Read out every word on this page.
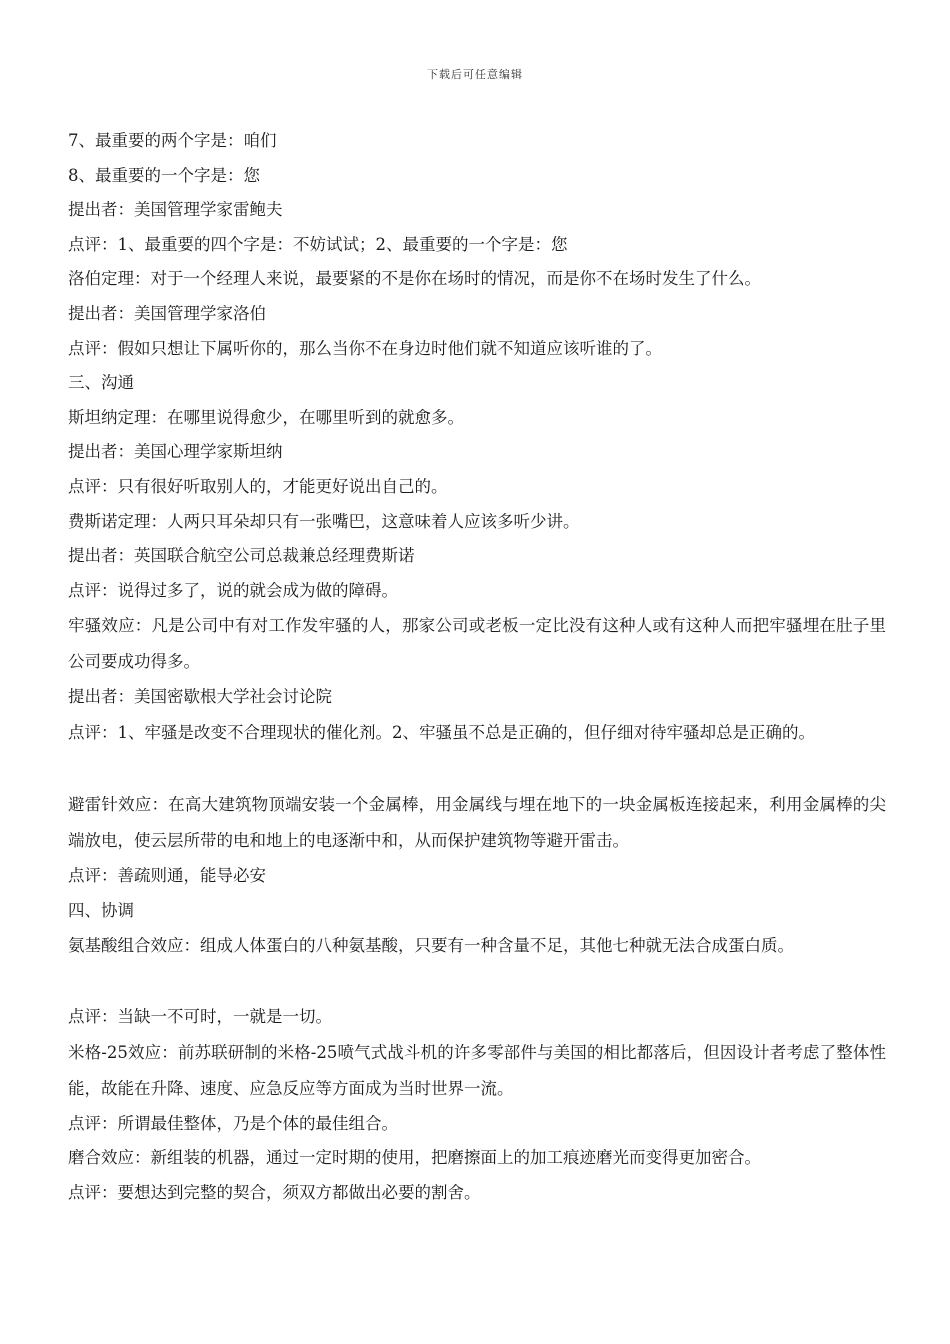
下载后可任意编辑
7、最重要的两个字是：咱们
8、最重要的一个字是：您
提出者：美国管理学家雷鲍夫
点评：1、最重要的四个字是：不妨试试；2、最重要的一个字是：您
洛伯定理：对于一个经理人来说，最要紧的不是你在场时的情况，而是你不在场时发生了什么。
提出者：美国管理学家洛伯
点评：假如只想让下属听你的，那么当你不在身边时他们就不知道应该听谁的了。
三、沟通
斯坦纳定理：在哪里说得愈少，在哪里听到的就愈多。
提出者：美国心理学家斯坦纳
点评：只有很好听取别人的，才能更好说出自己的。
费斯诺定理：人两只耳朵却只有一张嘴巴，这意味着人应该多听少讲。
提出者：英国联合航空公司总裁兼总经理费斯诺
点评：说得过多了，说的就会成为做的障碍。
牢骚效应：凡是公司中有对工作发牢骚的人，那家公司或老板一定比没有这种人或有这种人而把牢骚埋在肚子里公司要成功得多。
提出者：美国密歇根大学社会讨论院
点评：1、牢骚是改变不合理现状的催化剂。2、牢骚虽不总是正确的，但仔细对待牢骚却总是正确的。
避雷针效应：在高大建筑物顶端安装一个金属棒，用金属线与埋在地下的一块金属板连接起来，利用金属棒的尖端放电，使云层所带的电和地上的电逐渐中和，从而保护建筑物等避开雷击。
点评：善疏则通，能导必安
四、协调
氨基酸组合效应：组成人体蛋白的八种氨基酸，只要有一种含量不足，其他七种就无法合成蛋白质。
点评：当缺一不可时，一就是一切。
米格-25效应：前苏联研制的米格-25喷气式战斗机的许多零部件与美国的相比都落后，但因设计者考虑了整体性能，故能在升降、速度、应急反应等方面成为当时世界一流。
点评：所谓最佳整体，乃是个体的最佳组合。
磨合效应：新组装的机器，通过一定时期的使用，把磨擦面上的加工痕迹磨光而变得更加密合。
点评：要想达到完整的契合，须双方都做出必要的割舍。
